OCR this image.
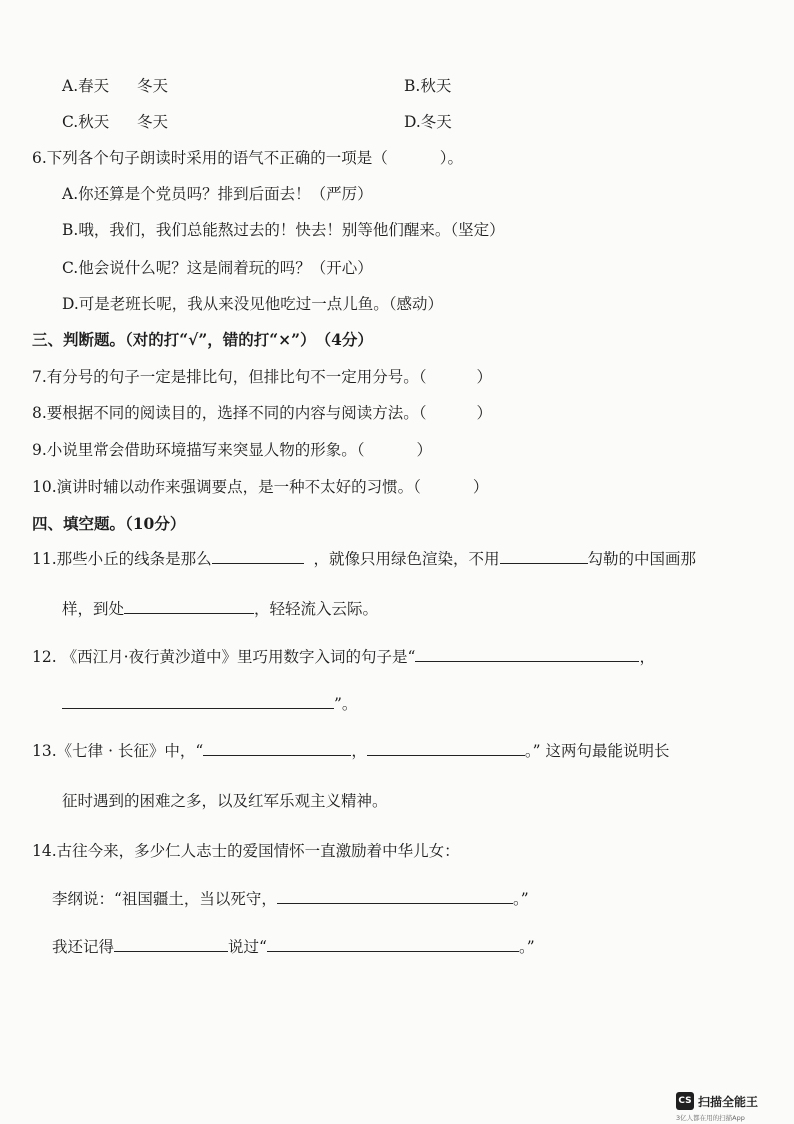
A.春天 冬天	B.秋天
C.秋天 冬天	D.冬天
6.下列各个句子朗读时采用的语气不正确的一项是（	）。
A.你还算是个党员吗？排到后面去！（严厉）
B.哦，我们，我们总能熬过去的！快去！别等他们醒来。（坚定）
C.他会说什么呢？这是闹着玩的吗？（开心）
D.可是老班长呢，我从来没见他吃过一点儿鱼。（感动）
三、判断题。（对的打“√”，错的打“×”）　（4分）
7.有分号的句子一定是排比句，但排比句不一定用分号。（	）
8.要根据不同的阅读目的，选择不同的内容与阅读方法。（	）
9.小说里常会借助环境描写来突显人物的形象。（	）
10.演讲时辅以动作来强调要点，是一种不太好的习惯。（	）
四、填空题。（10分）
11.那些小丘的线条是那么	，就像只用绿色渲染，不用	勾勒的中国画那
样，到处	，轻轻流入云际。
12. 《西江月·夜行黄沙道中》里巧用数字入词的句子是“	，
”。
13.《七律 · 长征》中，“	，	。” 这两句最能说明长
征时遇到的困难之多，以及红军乐观主义精神。
14.古往今来，多少仁人志士的爱国情怀一直激励着中华儿女：
李纲说：“祖国疆土，当以死守，	。”
我还记得	说过“	。”
CS 扫描全能王
3亿人都在用的扫描App
